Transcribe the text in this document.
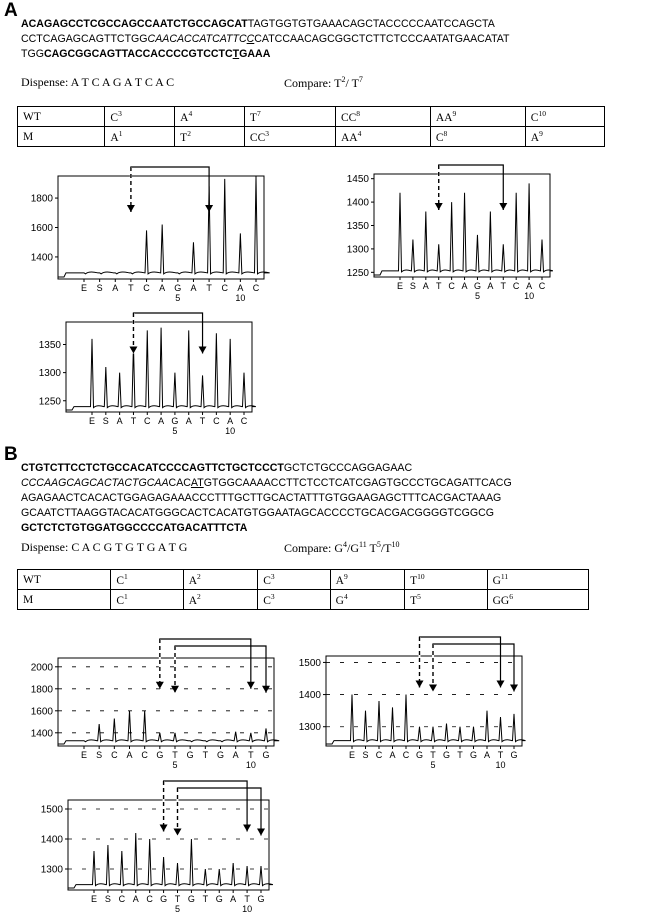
A
ACAGAGCCTCGCCAGCCAATCTGCCAGCATTAGTGGTGTGAAACAGCTACCCCCAATCCAGCTA
CCTCAGAGCAGTTCTGGCAACACCATCATTCCCATCCAACAGCGGCTCTTCTCCCAATATGAACATAT
TGGCAGCGGCAGTTACCACCCCGTCCTCTGAAA
Dispense: A T C A G A T C A C	Compare: $T^2/$ $T^7$
WT	$C^3$	$A^4$	$T^7$	$CC^8$	$AA^9$	$C^{10}$
M	$A^1$	$T^2$	$CC^3$	$AA^4$	$C^8$	$A^9$
1400
1600
1800
E S A T C A G A T C A C
5	10
1250
1300
1350
1400
1450
E S A T C A G A T C A C
5	10
1250
1300
1350
E S A T C A G A T C A C
5	10
B
CTGTCTTCCTCTGCCACATCCCCAGTTCTGCTCCCTGCTCTGCCCAGGAGAAC
CCCAAGCAGCACTACTGCAACACATGTGGCAAAACCTTCTCCTCATCGAGTGCCCTGCAGATTCACG
AGAGAACTCACACTGGAGAGAAACCCTTTGCTTGCACTATTTGTGGAAGAGCTTTCACGACTAAAG
GCAATCTTAAGGTACACATGGGCACTCACATGTGGAATAGCACCCCTGCACGACGGGGTCGGCG
GCTCTCTGTGGATGGCCCCATGACATTTCTA
Dispense: C A C G T G T G A T G	Compare: $G^4/G^{11}$ $T^5/T^{10}$
WT	$C^1$	$A^2$	$C^3$	$A^9$	$T^{10}$	$G^{11}$
M	$C^1$	$A^2$	$C^3$	$G^4$	$T^5$	$GG^6$
1400
1600
1800
2000
E S C A C G T G T G A T G
5	10
1300
1400
1500
E S C A C G T G T G A T G
5	10
1300
1400
1500
E S C A C G T G T G A T G
5	10
